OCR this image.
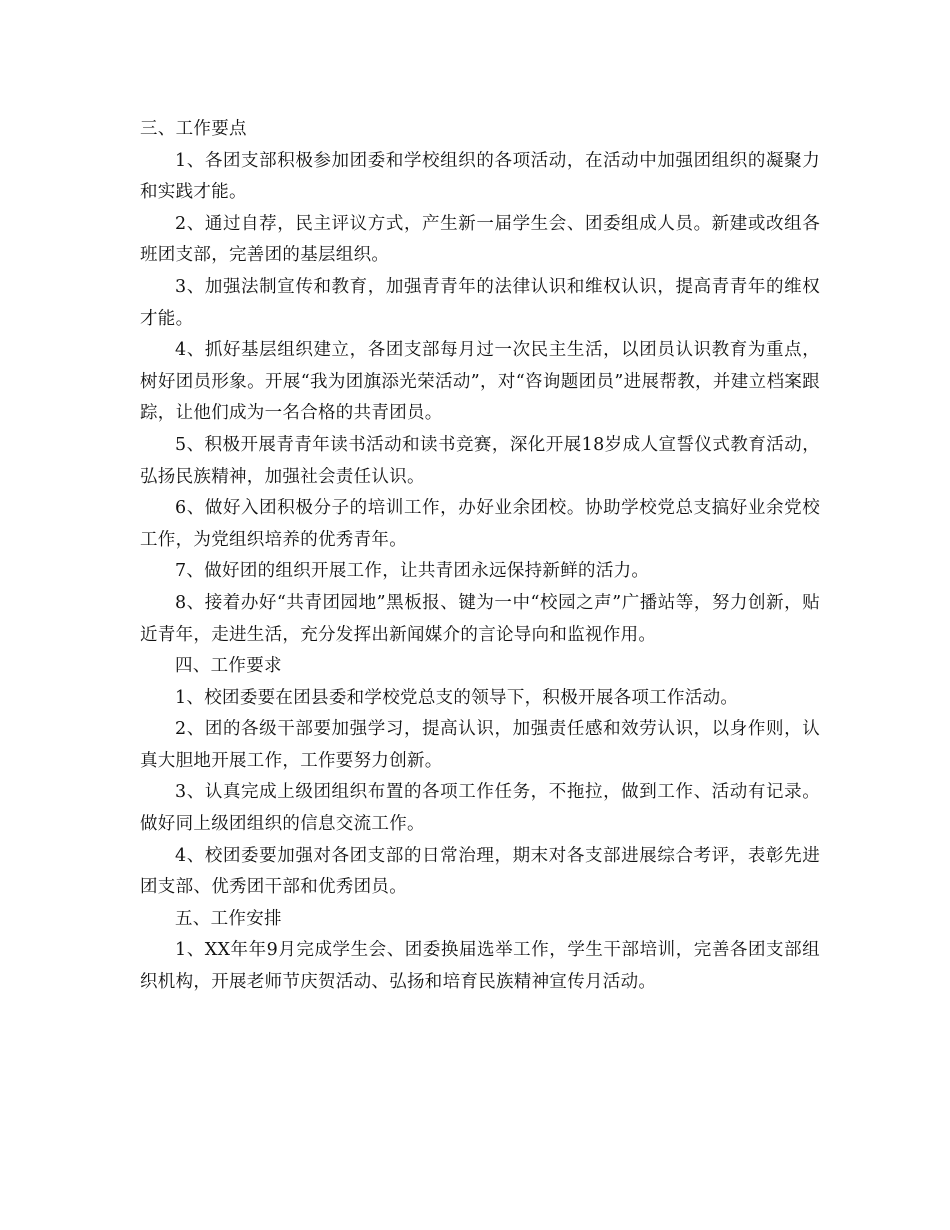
三、工作要点

1、各团支部积极参加团委和学校组织的各项活动，在活动中加强团组织的凝聚力和实践才能。

2、通过自荐，民主评议方式，产生新一届学生会、团委组成人员。新建或改组各班团支部，完善团的基层组织。

3、加强法制宣传和教育，加强青青年的法律认识和维权认识，提高青青年的维权才能。

4、抓好基层组织建立，各团支部每月过一次民主生活，以团员认识教育为重点，树好团员形象。开展“我为团旗添光荣活动”，对“咨询题团员”进展帮教，并建立档案跟踪，让他们成为一名合格的共青团员。

5、积极开展青青年读书活动和读书竞赛，深化开展18岁成人宣誓仪式教育活动，弘扬民族精神，加强社会责任认识。

6、做好入团积极分子的培训工作，办好业余团校。协助学校党总支搞好业余党校工作，为党组织培养的优秀青年。

7、做好团的组织开展工作，让共青团永远保持新鲜的活力。

8、接着办好“共青团园地”黑板报、键为一中“校园之声”广播站等，努力创新，贴近青年，走进生活，充分发挥出新闻媒介的言论导向和监视作用。

四、工作要求

1、校团委要在团县委和学校党总支的领导下，积极开展各项工作活动。

2、团的各级干部要加强学习，提高认识，加强责任感和效劳认识，以身作则，认真大胆地开展工作，工作要努力创新。

3、认真完成上级团组织布置的各项工作任务，不拖拉，做到工作、活动有记录。做好同上级团组织的信息交流工作。

4、校团委要加强对各团支部的日常治理，期末对各支部进展综合考评，表彰先进团支部、优秀团干部和优秀团员。

五、工作安排

1、XX年年9月完成学生会、团委换届选举工作，学生干部培训，完善各团支部组织机构，开展老师节庆贺活动、弘扬和培育民族精神宣传月活动。
